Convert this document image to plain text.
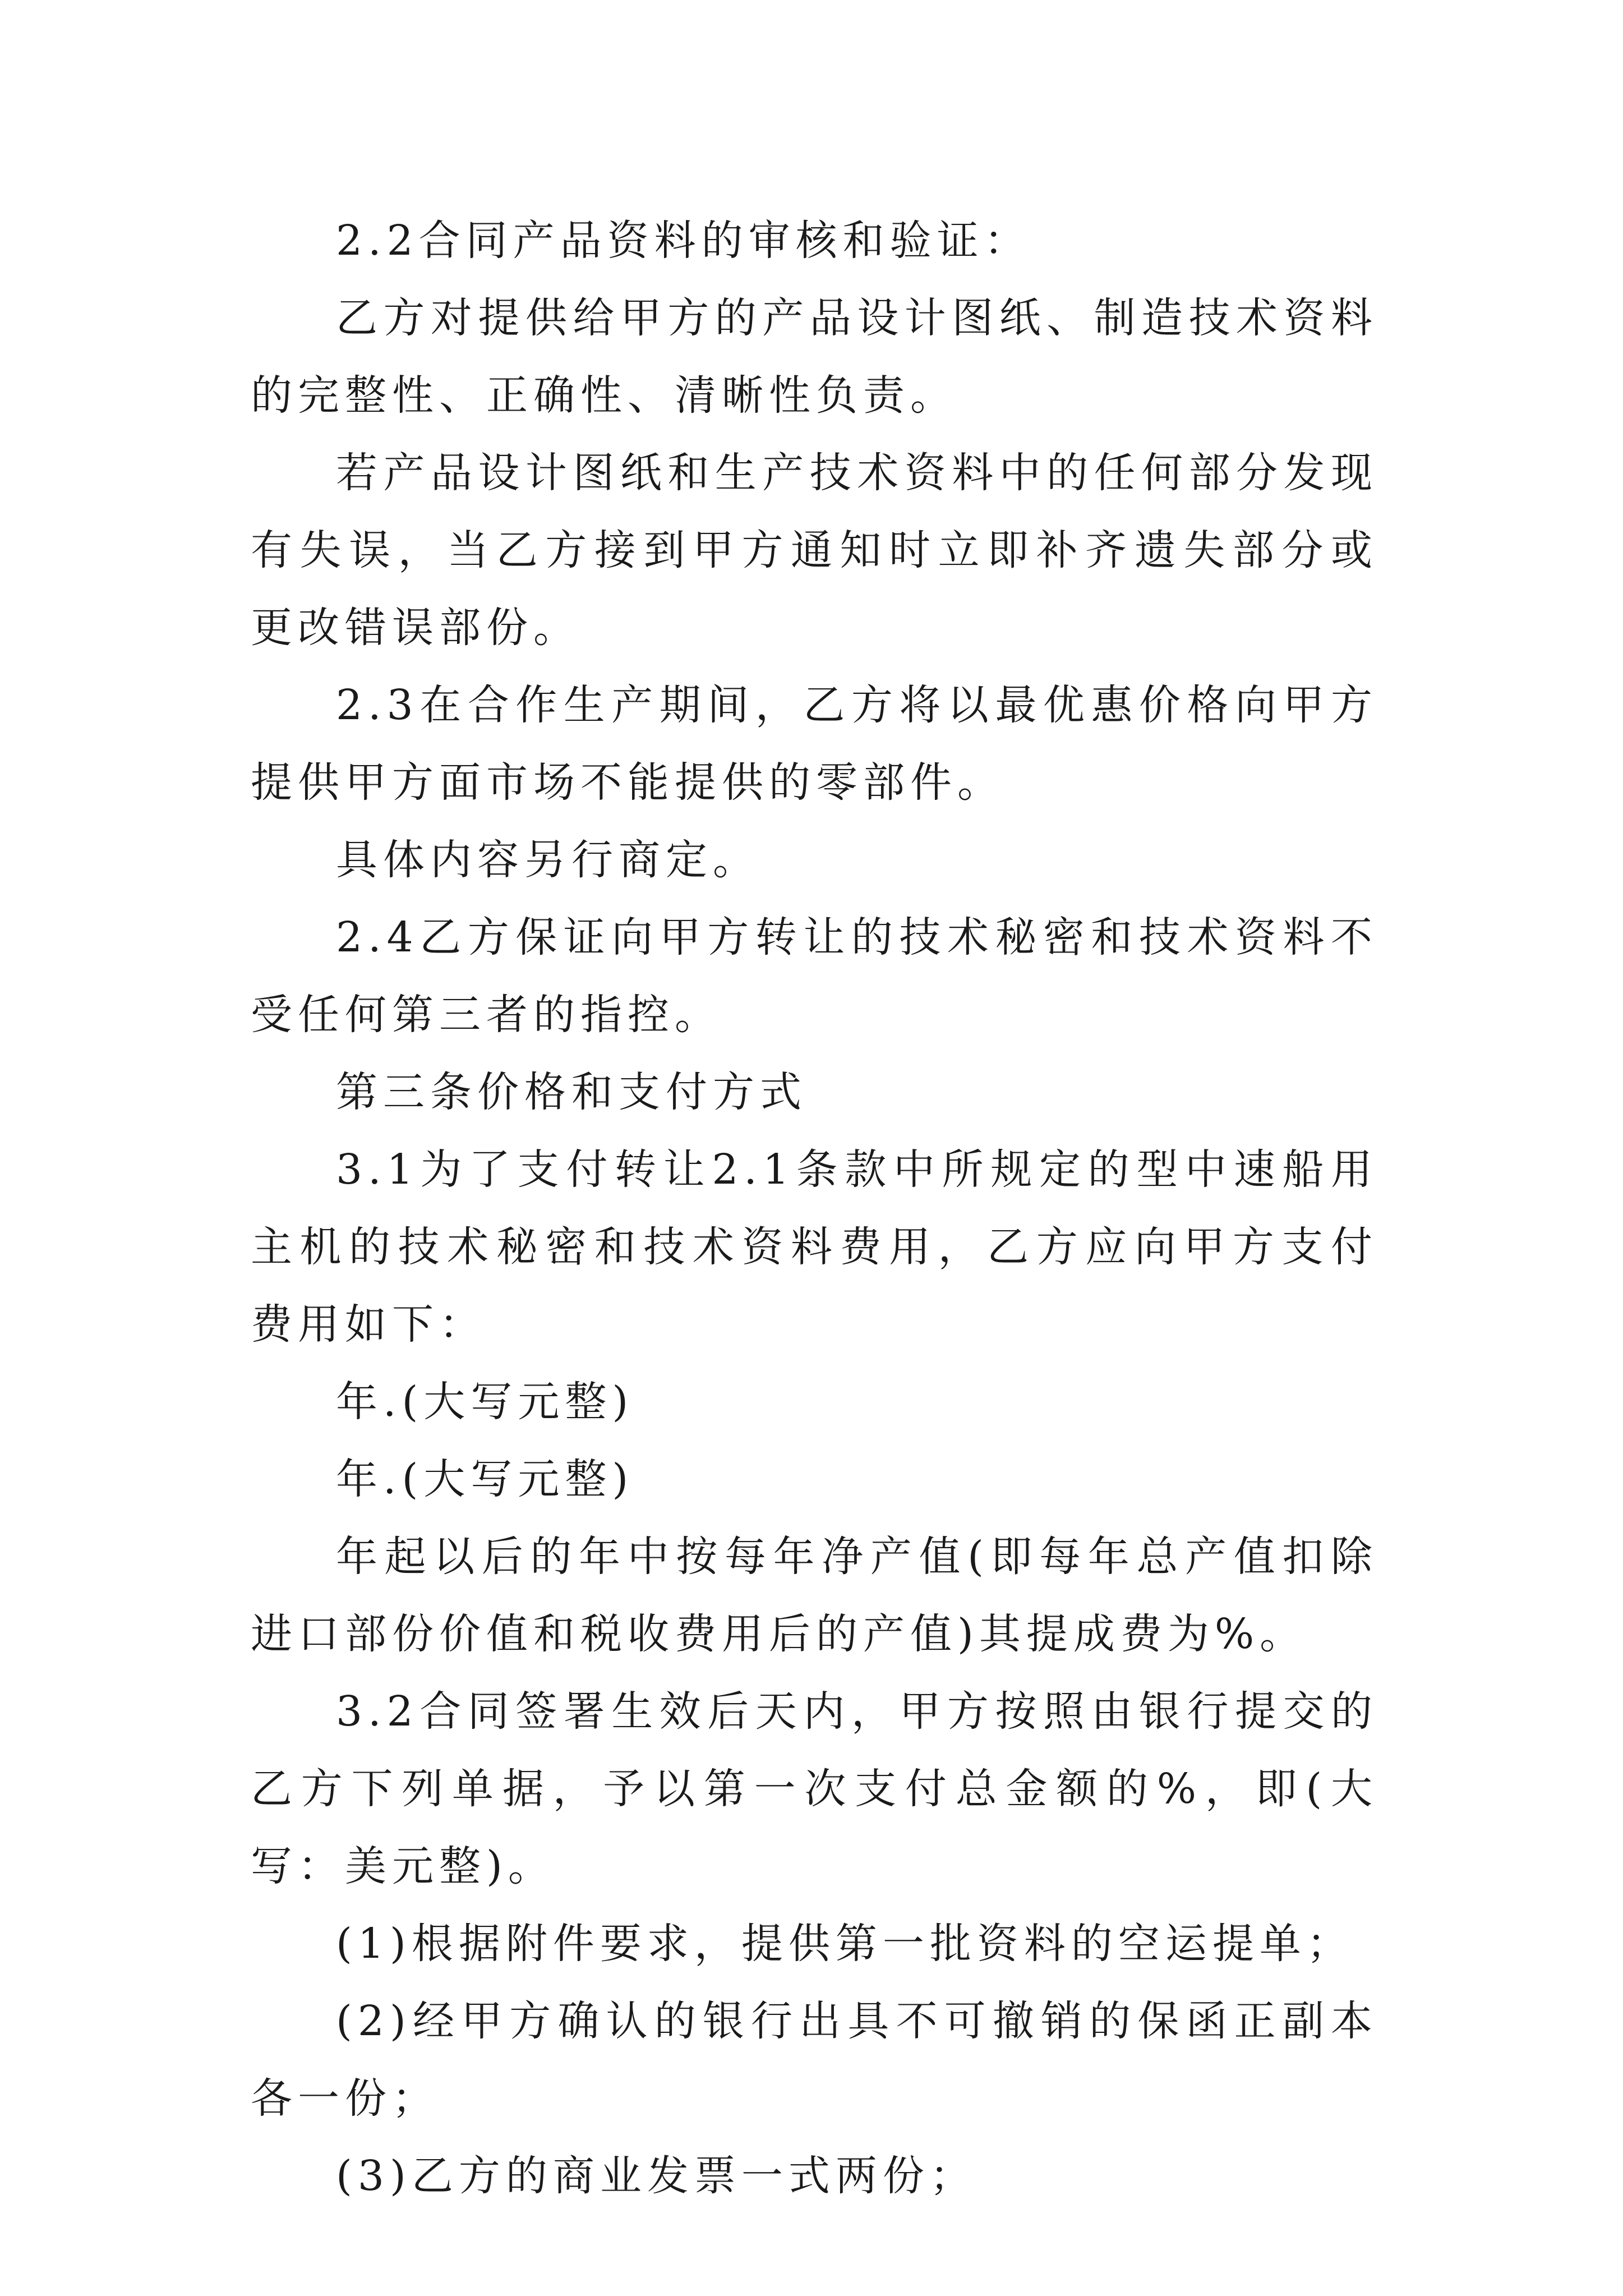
2.2合同产品资料的审核和验证：

乙方对提供给甲方的产品设计图纸、制造技术资料的完整性、正确性、清晰性负责。

若产品设计图纸和生产技术资料中的任何部分发现有失误，当乙方接到甲方通知时立即补齐遗失部分或更改错误部份。

2.3在合作生产期间，乙方将以最优惠价格向甲方提供甲方面市场不能提供的零部件。

具体内容另行商定。

2.4乙方保证向甲方转让的技术秘密和技术资料不受任何第三者的指控。

第三条价格和支付方式

3.1为了支付转让2.1条款中所规定的型中速船用主机的技术秘密和技术资料费用，乙方应向甲方支付费用如下：

年.(大写元整)

年.(大写元整)

年起以后的年中按每年净产值(即每年总产值扣除进口部份价值和税收费用后的产值)其提成费为%。

3.2合同签署生效后天内，甲方按照由银行提交的乙方下列单据，予以第一次支付总金额的%，即(大写：美元整)。

(1)根据附件要求，提供第一批资料的空运提单；

(2)经甲方确认的银行出具不可撤销的保函正副本各一份；

(3)乙方的商业发票一式两份；
